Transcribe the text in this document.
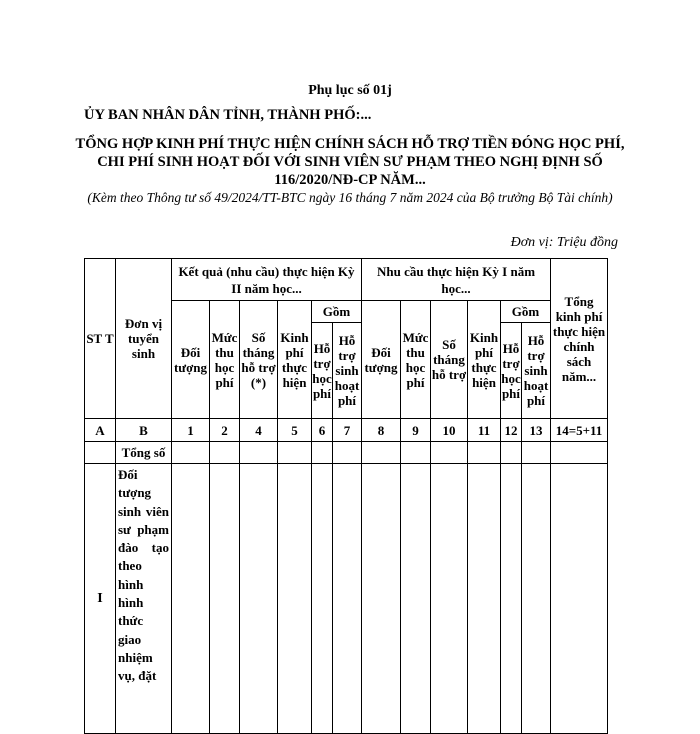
Phụ lục số 01j
ỦY BAN NHÂN DÂN TỈNH, THÀNH PHỐ:...
TỔNG HỢP KINH PHÍ THỰC HIỆN CHÍNH SÁCH HỖ TRỢ TIỀN ĐÓNG HỌC PHÍ, CHI PHÍ SINH HOẠT ĐỐI VỚI SINH VIÊN SƯ PHẠM THEO NGHỊ ĐỊNH SỐ 116/2020/NĐ-CP NĂM...
(Kèm theo Thông tư số 49/2024/TT-BTC ngày 16 tháng 7 năm 2024 của Bộ trưởng Bộ Tài chính)
Đơn vị: Triệu đồng
ST T	Đơn vị tuyển sinh	Kết quả (nhu cầu) thực hiện Kỳ II năm học...						Nhu cầu thực hiện Kỳ I năm học...						Tổng kinh phí thực hiện chính sách năm...
		Đối tượng	Mức thu học phí	Số tháng hỗ trợ (*)	Kinh phí thực hiện	Gồm		Đối tượng	Mức thu học phí	Số tháng hỗ trợ	Kinh phí thực hiện	Gồm		
						Hỗ trợ học phí	Hỗ trợ sinh hoạt phí					Hỗ trợ học phí	Hỗ trợ sinh hoạt phí	
A	B	1	2	4	5	6	7	8	9	10	11	12	13	14=5+11
	Tổng số													
I	Đối tượng sinh viên sư phạm đào tạo theo hình hình thức giao nhiệm vụ, đặt													
